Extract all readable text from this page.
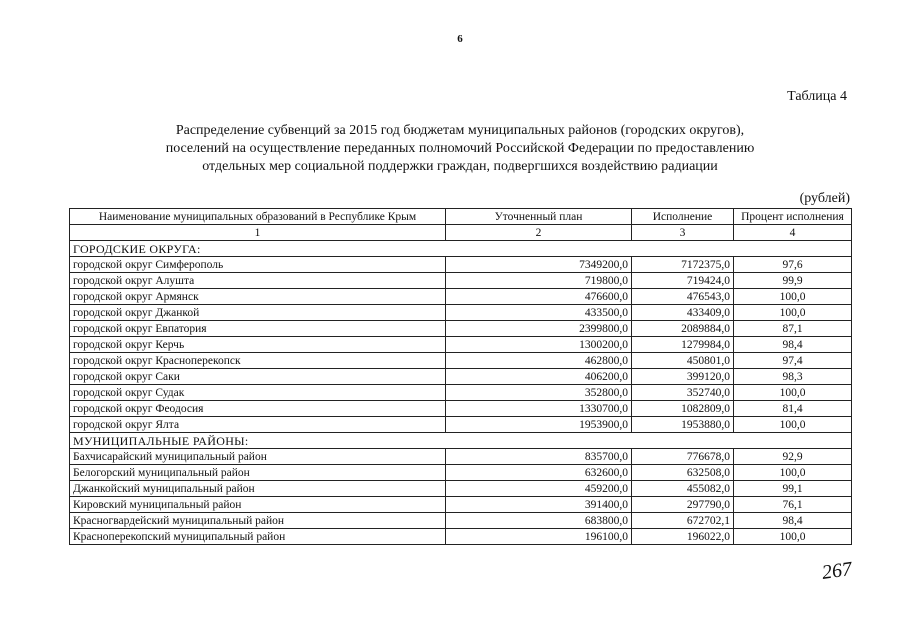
6
Таблица 4
Распределение субвенций за 2015 год бюджетам муниципальных районов (городских округов),
поселений на осуществление переданных полномочий Российской Федерации по предоставлению
отдельных мер социальной поддержки граждан, подвергшихся воздействию радиации
(рублей)
Наименование муниципальных образований в Республике Крым	Уточненный план	Исполнение	Процент исполнения
1	2	3	4
ГОРОДСКИЕ ОКРУГА:			
городской округ Симферополь	7349200,0	7172375,0	97,6
городской округ Алушта	719800,0	719424,0	99,9
городской округ Армянск	476600,0	476543,0	100,0
городской округ Джанкой	433500,0	433409,0	100,0
городской округ Евпатория	2399800,0	2089884,0	87,1
городской округ Керчь	1300200,0	1279984,0	98,4
городской округ Красноперекопск	462800,0	450801,0	97,4
городской округ Саки	406200,0	399120,0	98,3
городской округ Судак	352800,0	352740,0	100,0
городской округ Феодосия	1330700,0	1082809,0	81,4
городской округ Ялта	1953900,0	1953880,0	100,0
МУНИЦИПАЛЬНЫЕ РАЙОНЫ:			
Бахчисарайский муниципальный район	835700,0	776678,0	92,9
Белогорский муниципальный район	632600,0	632508,0	100,0
Джанкойский муниципальный район	459200,0	455082,0	99,1
Кировский муниципальный район	391400,0	297790,0	76,1
Красногвардейский муниципальный район	683800,0	672702,1	98,4
Красноперекопский муниципальный район	196100,0	196022,0	100,0
267
